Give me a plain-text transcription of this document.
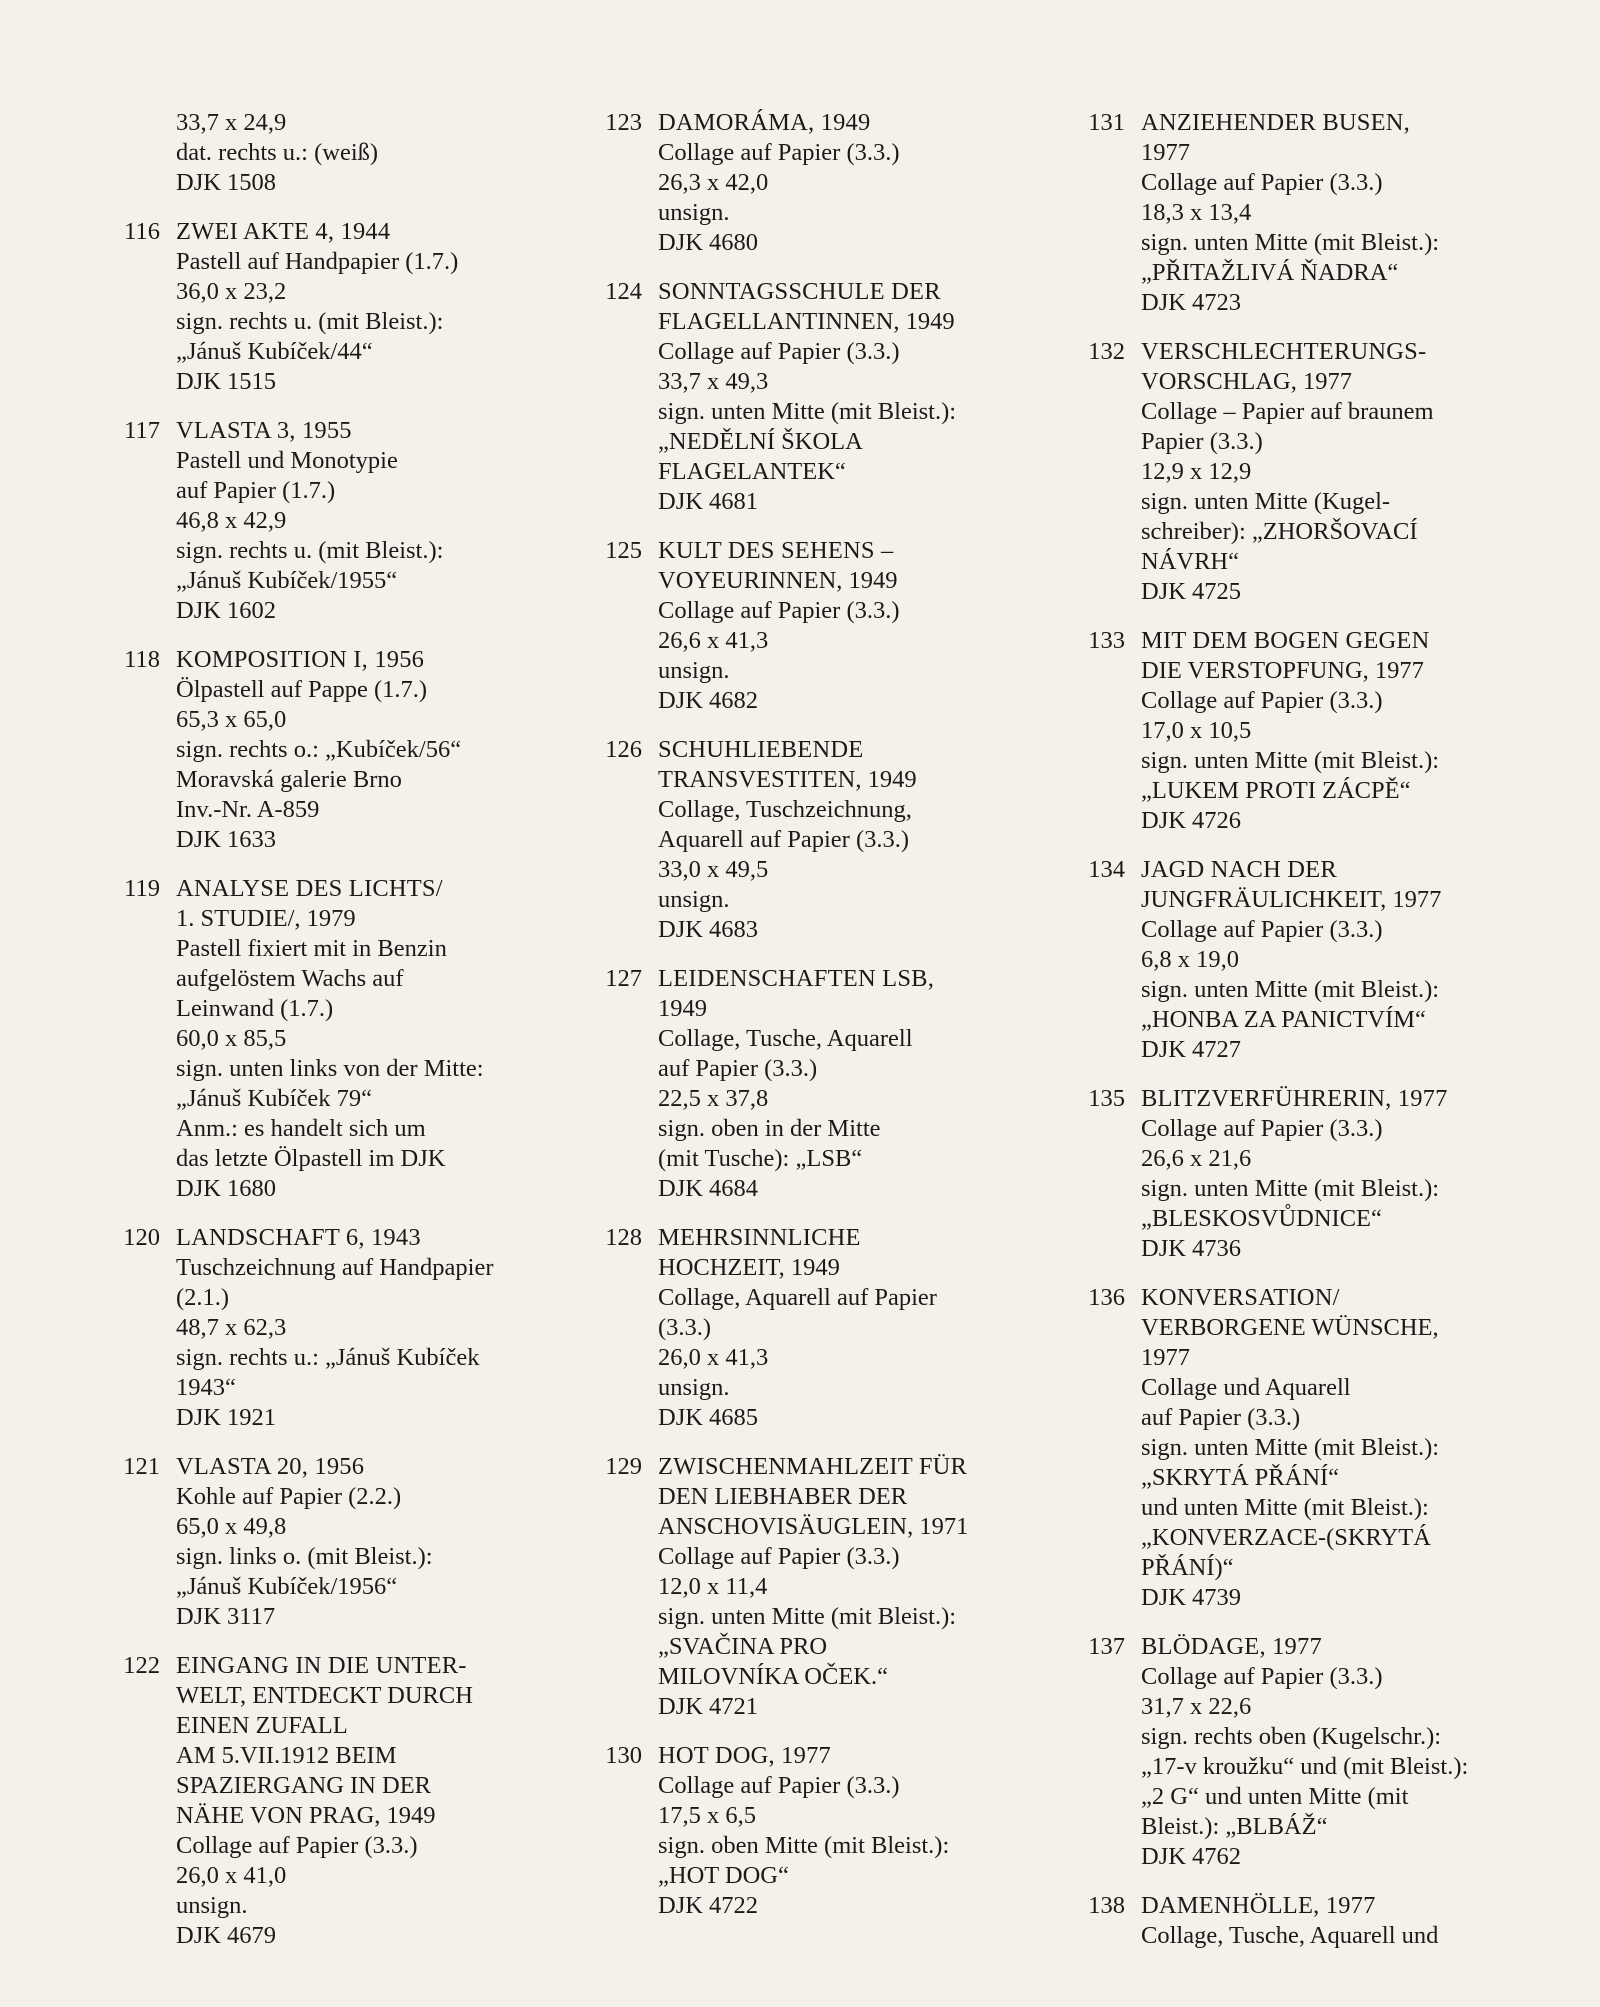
33,7 x 24,9
dat. rechts u.: (weiß)
DJK 1508
116 ZWEI AKTE 4, 1944
Pastell auf Handpapier (1.7.)
36,0 x 23,2
sign. rechts u. (mit Bleist.):
„Jánuš Kubíček/44“
DJK 1515
117 VLASTA 3, 1955
Pastell und Monotypie
auf Papier (1.7.)
46,8 x 42,9
sign. rechts u. (mit Bleist.):
„Jánuš Kubíček/1955“
DJK 1602
118 KOMPOSITION I, 1956
Ölpastell auf Pappe (1.7.)
65,3 x 65,0
sign. rechts o.: „Kubíček/56“
Moravská galerie Brno
Inv.-Nr. A-859
DJK 1633
119 ANALYSE DES LICHTS/
1. STUDIE/, 1979
Pastell fixiert mit in Benzin
aufgelöstem Wachs auf
Leinwand (1.7.)
60,0 x 85,5
sign. unten links von der Mitte:
„Jánuš Kubíček 79“
Anm.: es handelt sich um
das letzte Ölpastell im DJK
DJK 1680
120 LANDSCHAFT 6, 1943
Tuschzeichnung auf Handpapier
(2.1.)
48,7 x 62,3
sign. rechts u.: „Jánuš Kubíček
1943“
DJK 1921
121 VLASTA 20, 1956
Kohle auf Papier (2.2.)
65,0 x 49,8
sign. links o. (mit Bleist.):
„Jánuš Kubíček/1956“
DJK 3117
122 EINGANG IN DIE UNTER-
WELT, ENTDECKT DURCH
EINEN ZUFALL
AM 5.VII.1912 BEIM
SPAZIERGANG IN DER
NÄHE VON PRAG, 1949
Collage auf Papier (3.3.)
26,0 x 41,0
unsign.
DJK 4679
123 DAMORÁMA, 1949
Collage auf Papier (3.3.)
26,3 x 42,0
unsign.
DJK 4680
124 SONNTAGSSCHULE DER
FLAGELLANTINNEN, 1949
Collage auf Papier (3.3.)
33,7 x 49,3
sign. unten Mitte (mit Bleist.):
„NEDĚLNÍ ŠKOLA
FLAGELANTEK“
DJK 4681
125 KULT DES SEHENS –
VOYEURINNEN, 1949
Collage auf Papier (3.3.)
26,6 x 41,3
unsign.
DJK 4682
126 SCHUHLIEBENDE
TRANSVESTITEN, 1949
Collage, Tuschzeichnung,
Aquarell auf Papier (3.3.)
33,0 x 49,5
unsign.
DJK 4683
127 LEIDENSCHAFTEN LSB,
1949
Collage, Tusche, Aquarell
auf Papier (3.3.)
22,5 x 37,8
sign. oben in der Mitte
(mit Tusche): „LSB“
DJK 4684
128 MEHRSINNLICHE
HOCHZEIT, 1949
Collage, Aquarell auf Papier
(3.3.)
26,0 x 41,3
unsign.
DJK 4685
129 ZWISCHENMAHLZEIT FÜR
DEN LIEBHABER DER
ANSCHOVISÄUGLEIN, 1971
Collage auf Papier (3.3.)
12,0 x 11,4
sign. unten Mitte (mit Bleist.):
„SVAČINA PRO
MILOVNÍKA OČEK.“
DJK 4721
130 HOT DOG, 1977
Collage auf Papier (3.3.)
17,5 x 6,5
sign. oben Mitte (mit Bleist.):
„HOT DOG“
DJK 4722
131 ANZIEHENDER BUSEN,
1977
Collage auf Papier (3.3.)
18,3 x 13,4
sign. unten Mitte (mit Bleist.):
„PŘITAŽLIVÁ ŇADRA“
DJK 4723
132 VERSCHLECHTERUNGS-
VORSCHLAG, 1977
Collage – Papier auf braunem
Papier (3.3.)
12,9 x 12,9
sign. unten Mitte (Kugel-
schreiber): „ZHORŠOVACÍ
NÁVRH“
DJK 4725
133 MIT DEM BOGEN GEGEN
DIE VERSTOPFUNG, 1977
Collage auf Papier (3.3.)
17,0 x 10,5
sign. unten Mitte (mit Bleist.):
„LUKEM PROTI ZÁCPĚ“
DJK 4726
134 JAGD NACH DER
JUNGFRÄULICHKEIT, 1977
Collage auf Papier (3.3.)
6,8 x 19,0
sign. unten Mitte (mit Bleist.):
„HONBA ZA PANICTVÍM“
DJK 4727
135 BLITZVERFÜHRERIN, 1977
Collage auf Papier (3.3.)
26,6 x 21,6
sign. unten Mitte (mit Bleist.):
„BLESKOSVŮDNICE“
DJK 4736
136 KONVERSATION/
VERBORGENE WÜNSCHE,
1977
Collage und Aquarell
auf Papier (3.3.)
sign. unten Mitte (mit Bleist.):
„SKRYTÁ PŘÁNÍ“
und unten Mitte (mit Bleist.):
„KONVERZACE-(SKRYTÁ
PŘÁNÍ)“
DJK 4739
137 BLÖDAGE, 1977
Collage auf Papier (3.3.)
31,7 x 22,6
sign. rechts oben (Kugelschr.):
„17-v kroužku“ und (mit Bleist.):
„2 G“ und unten Mitte (mit
Bleist.): „BLBÁŽ“
DJK 4762
138 DAMENHÖLLE, 1977
Collage, Tusche, Aquarell und
